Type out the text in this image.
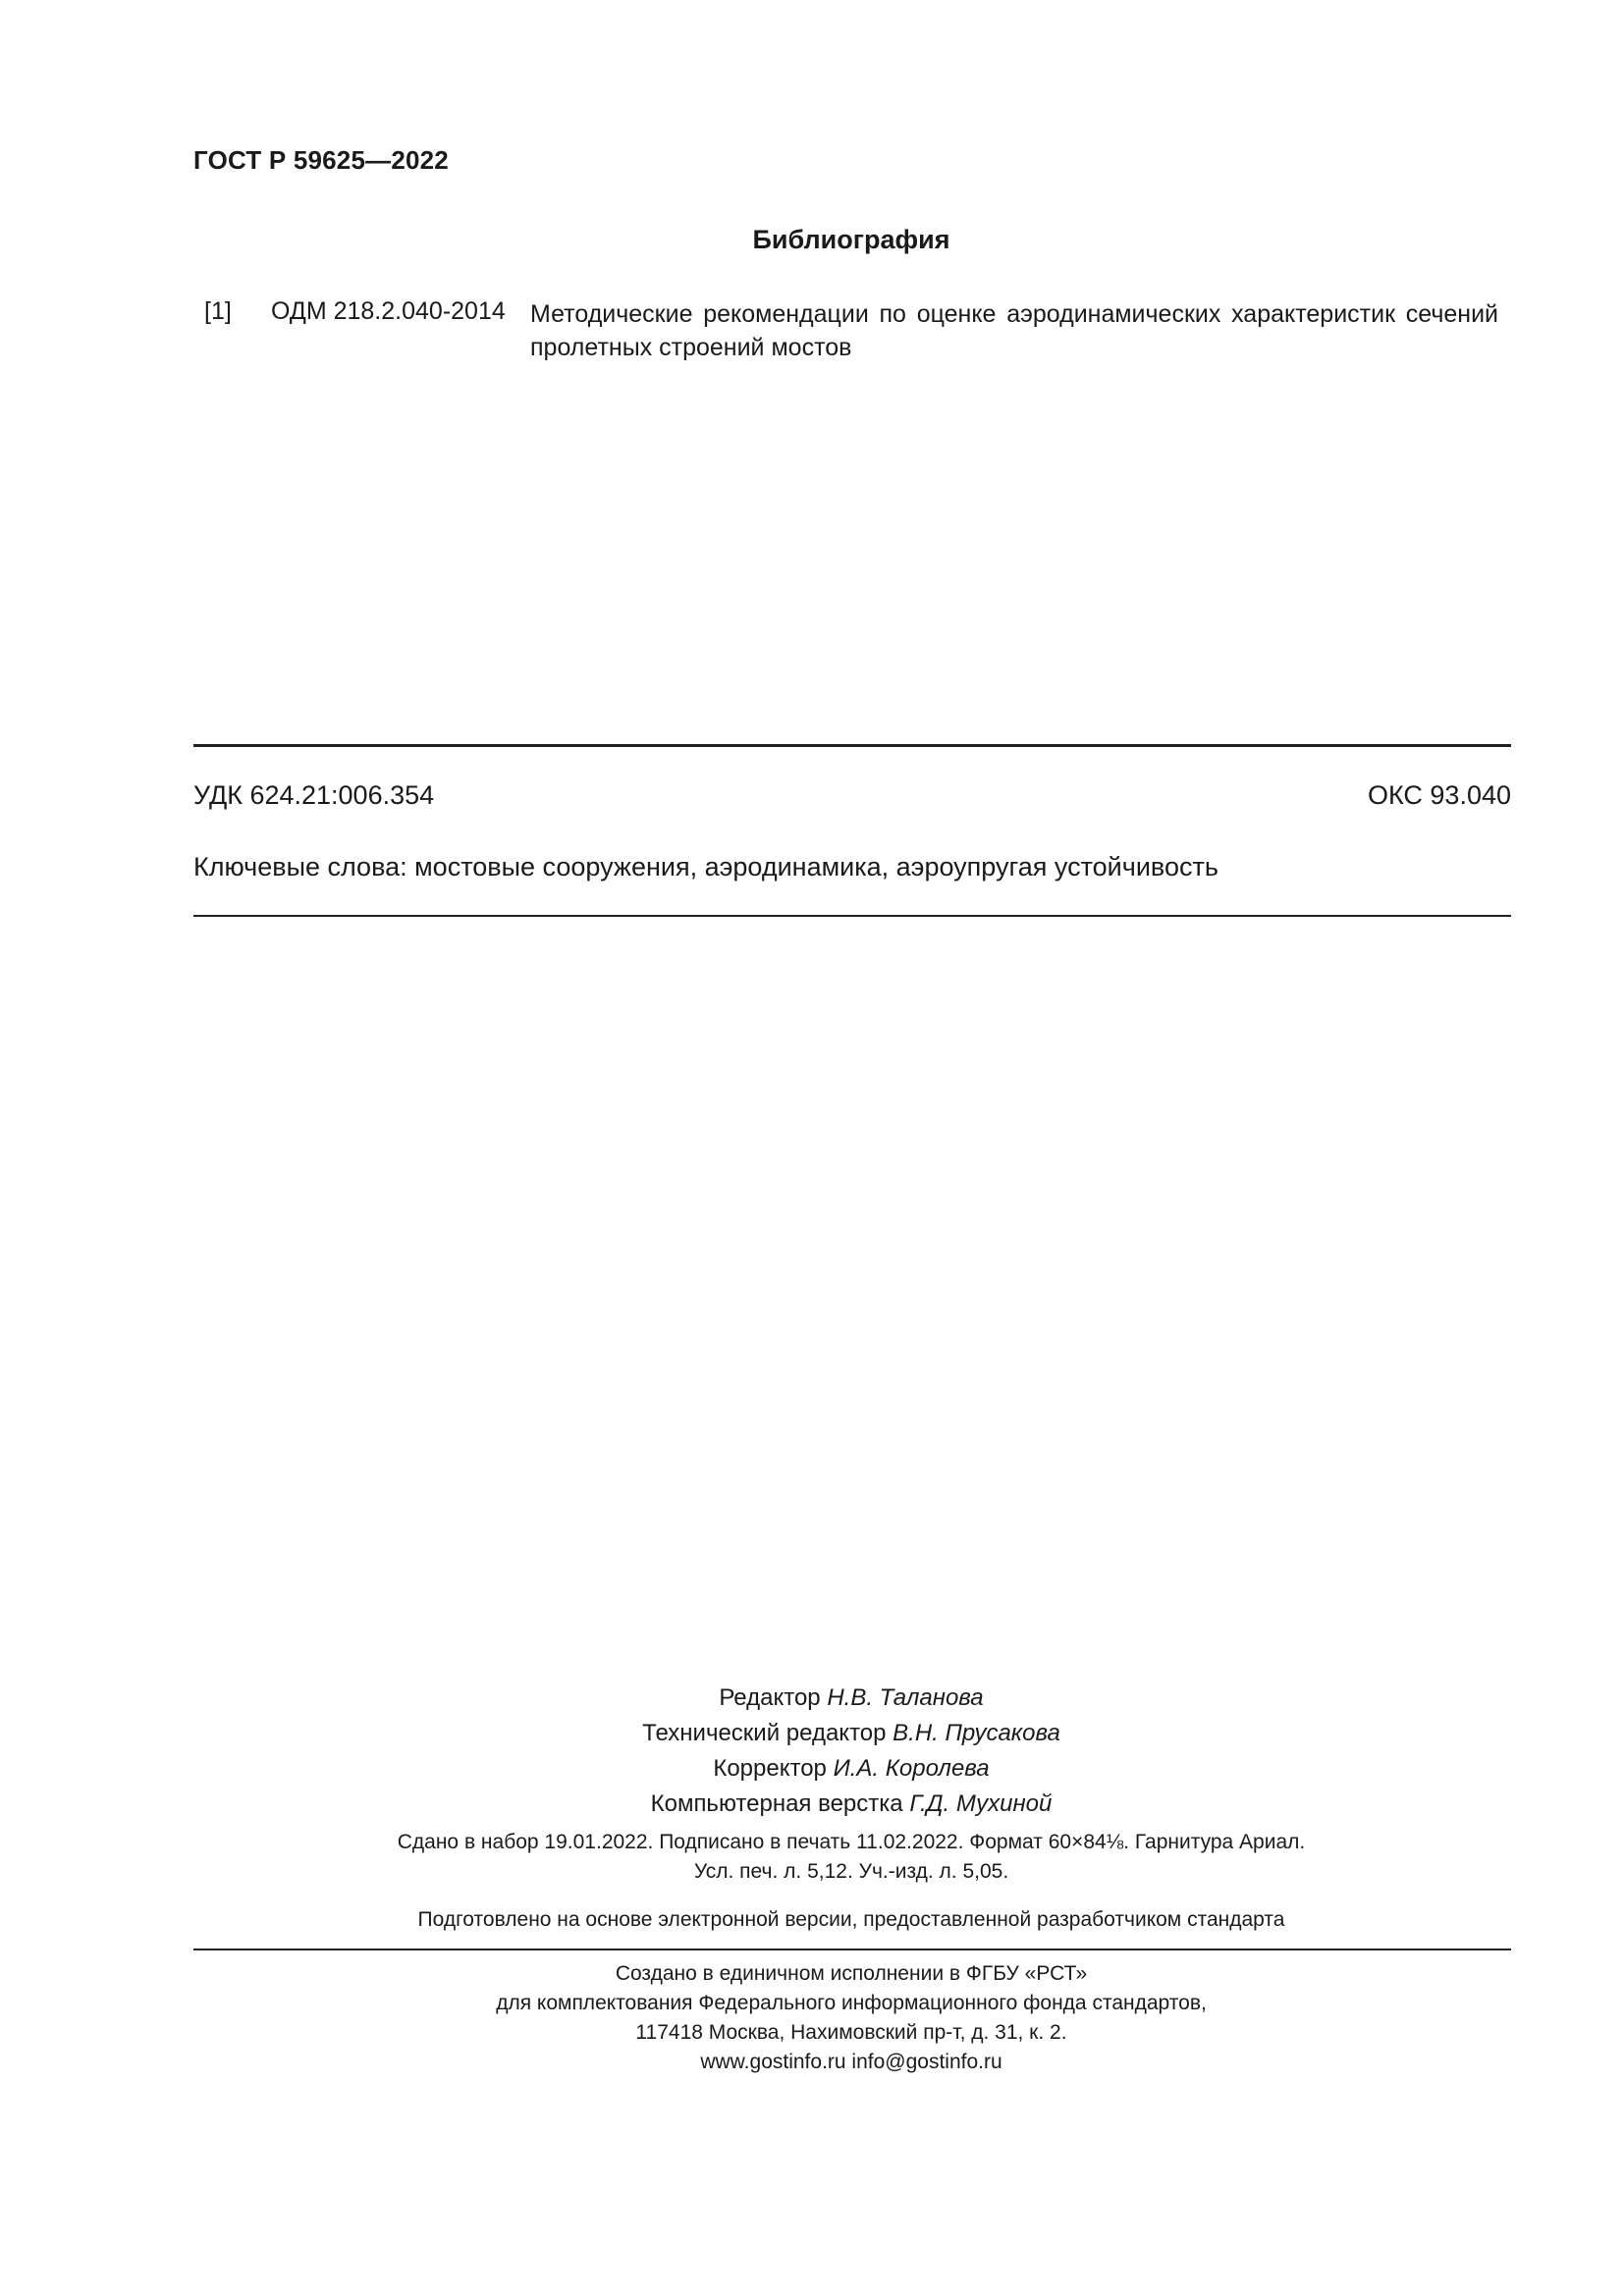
ГОСТ Р 59625—2022
Библиография
[1] ОДМ 218.2.040-2014 Методические рекомендации по оценке аэродинамических характеристик сечений пролетных строений мостов
УДК 624.21:006.354	ОКС 93.040
Ключевые слова: мостовые сооружения, аэродинамика, аэроупругая устойчивость
Редактор Н.В. Таланова
Технический редактор В.Н. Прусакова
Корректор И.А. Королева
Компьютерная верстка Г.Д. Мухиной
Сдано в набор 19.01.2022. Подписано в печать 11.02.2022. Формат 60×84⅛. Гарнитура Ариал.
Усл. печ. л. 5,12. Уч.-изд. л. 5,05.
Подготовлено на основе электронной версии, предоставленной разработчиком стандарта
Создано в единичном исполнении в ФГБУ «РСТ»
для комплектования Федерального информационного фонда стандартов,
117418 Москва, Нахимовский пр-т, д. 31, к. 2.
www.gostinfo.ru info@gostinfo.ru
